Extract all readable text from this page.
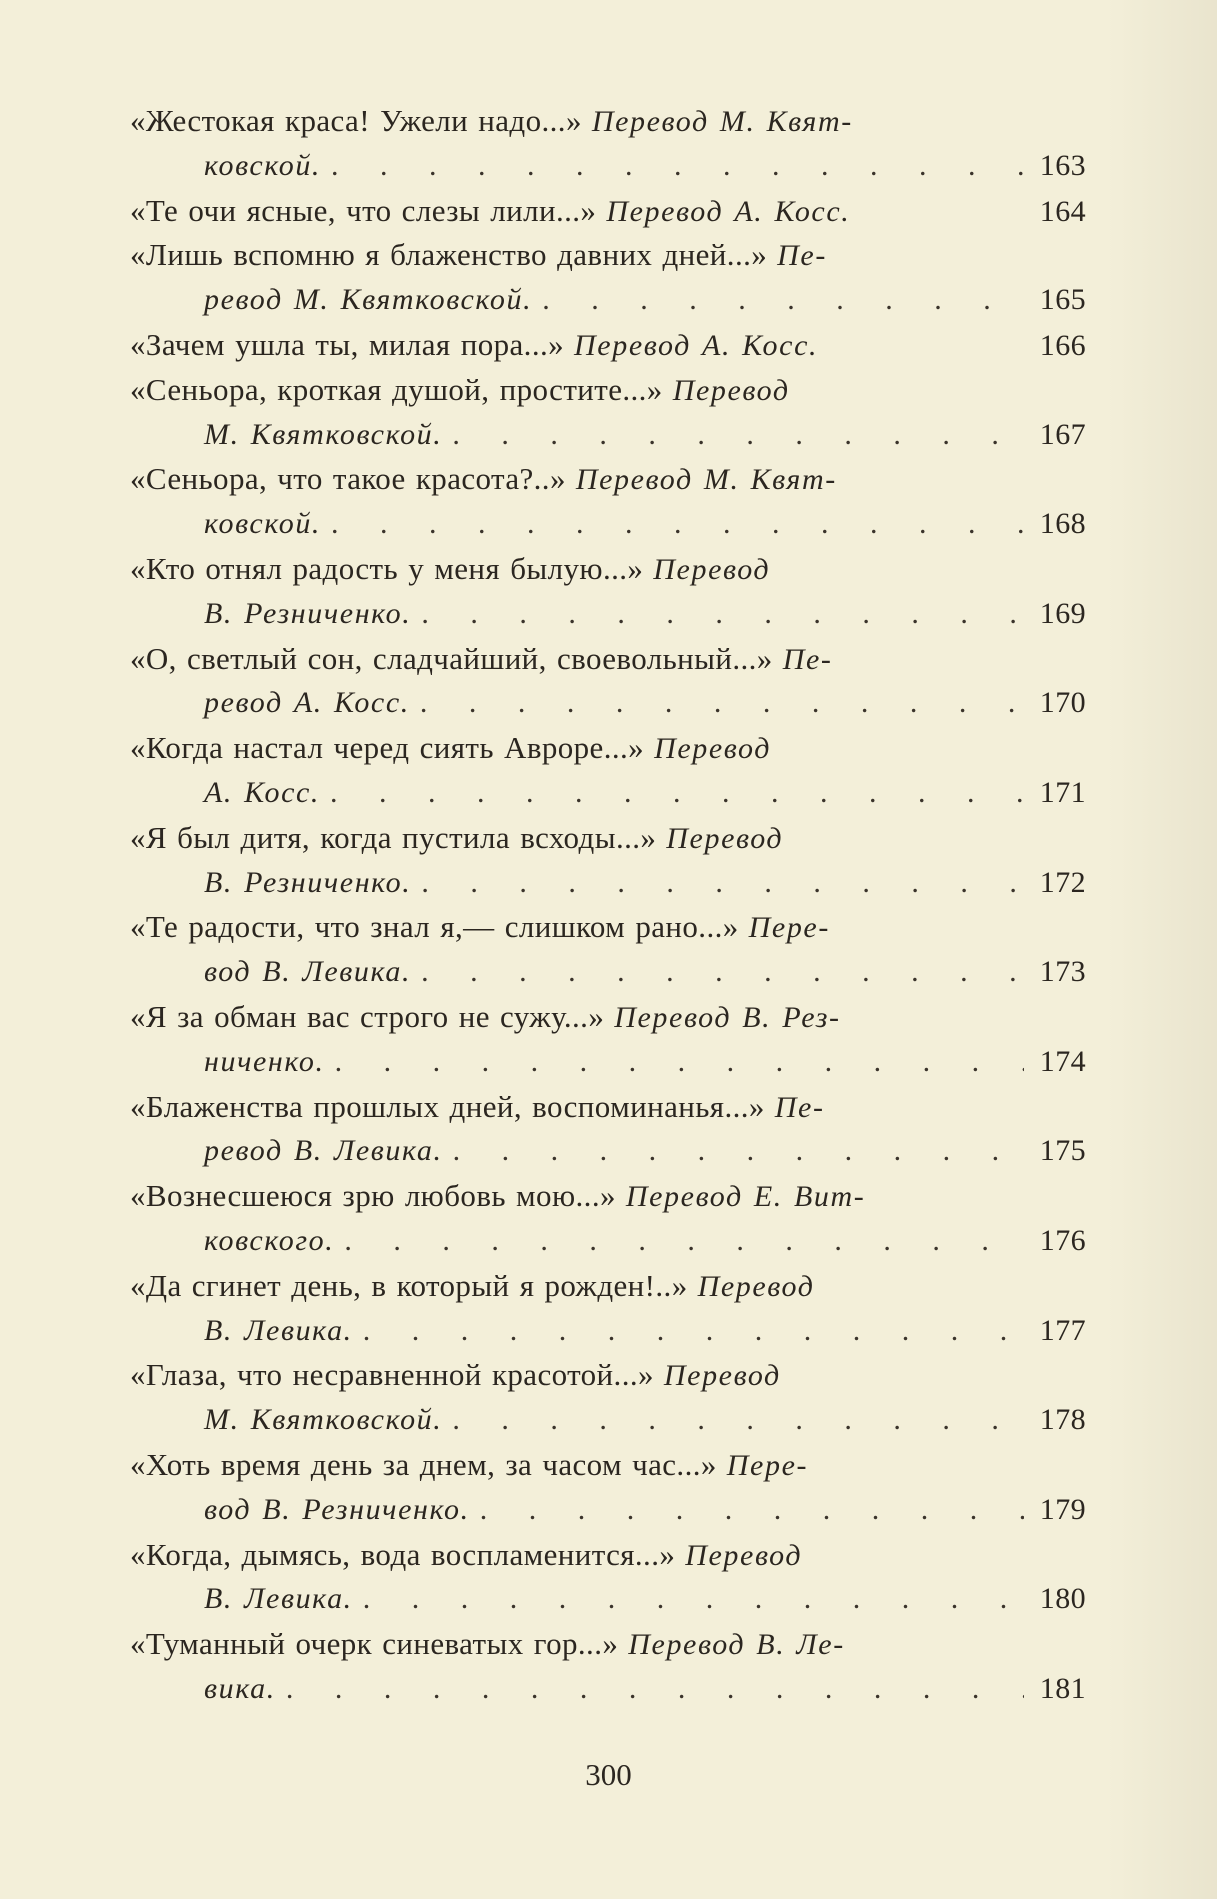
«Жестокая краса! Ужели надо...» Перевод М. Квят-
ковской. . . .	163
«Те очи ясные, что слезы лили...» Перевод А. Косс.	164
«Лишь вспомню я блаженство давних дней...» Пе-
ревод М. Квятковской. . . .	165
«Зачем ушла ты, милая пора...» Перевод А. Косс.	166
«Сеньора, кроткая душой, простите...» Перевод
М. Квятковской. . . .	167
«Сеньора, что такое красота?..» Перевод М. Квят-
ковской. . . .	168
«Кто отнял радость у меня былую...» Перевод
В. Резниченко. . . .	169
«О, светлый сон, сладчайший, своевольный...» Пе-
ревод А. Косс. . . .	170
«Когда настал черед сиять Авроре...» Перевод
А. Косс. . . .	171
«Я был дитя, когда пустила всходы...» Перевод
В. Резниченко. . . .	172
«Те радости, что знал я,— слишком рано...» Пере-
вод В. Левика. . . .	173
«Я за обман вас строго не сужу...» Перевод В. Рез-
ниченко. . . .	174
«Блаженства прошлых дней, воспоминанья...» Пе-
ревод В. Левика. . . .	175
«Вознесшеюся зрю любовь мою...» Перевод Е. Вит-
ковского. . . .	176
«Да сгинет день, в который я рожден!..» Перевод
В. Левика. . . .	177
«Глаза, что несравненной красотой...» Перевод
М. Квятковской. . . .	178
«Хоть время день за днем, за часом час...» Пере-
вод В. Резниченко. . . .	179
«Когда, дымясь, вода воспламенится...» Перевод
В. Левика. . . .	180
«Туманный очерк синеватых гор...» Перевод В. Ле-
вика. . . .	181
300
